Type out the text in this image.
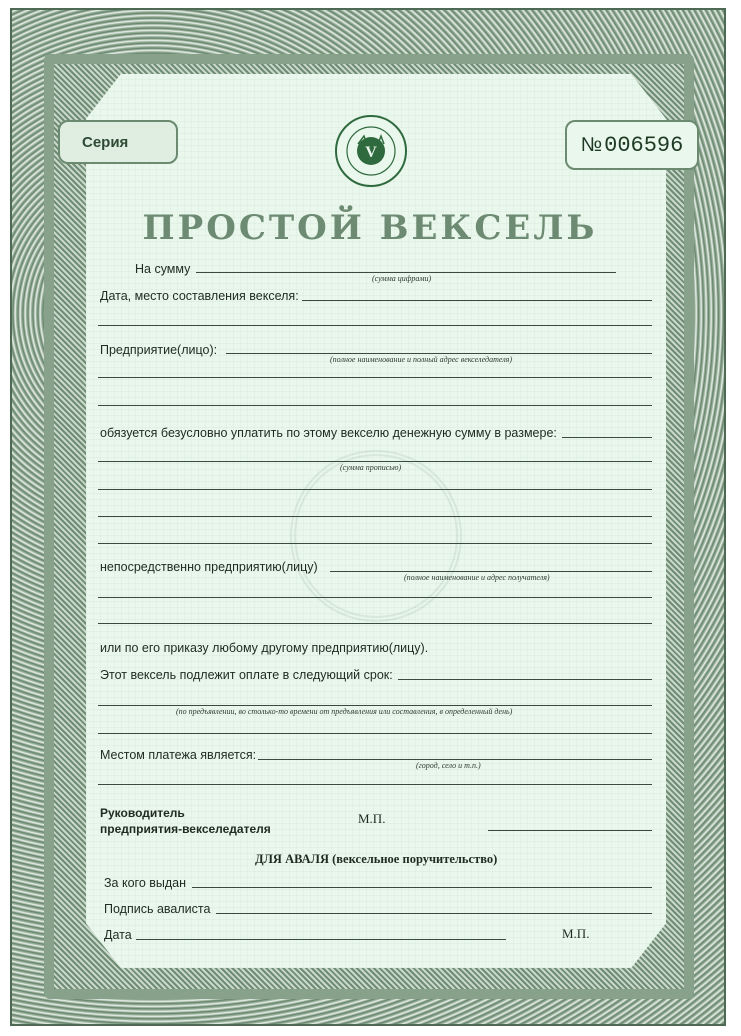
Серия	№ 006596
V
ПРОСТОЙ ВЕКСЕЛЬ
На сумму
(сумма цифрами)
Дата, место составления векселя:
Предприятие(лицо):
(полное наименование и полный адрес векселедателя)
обязуется безусловно уплатить по этому векселю денежную сумму в размере:
(сумма прописью)
непосредственно предприятию(лицу)
(полное наименование и адрес получателя)
или по его приказу любому другому предприятию(лицу).
Этот вексель подлежит оплате в следующий срок:
(по предъявлении, во столько-то времени от предъявления или составления, в определенный день)
Местом платежа является:
(город, село и т.п.)
Руководитель
предприятия-векселедателя
М.П.
ДЛЯ АВАЛЯ (вексельное поручительство)
За кого выдан
Подпись авалиста
Дата	М.П.
